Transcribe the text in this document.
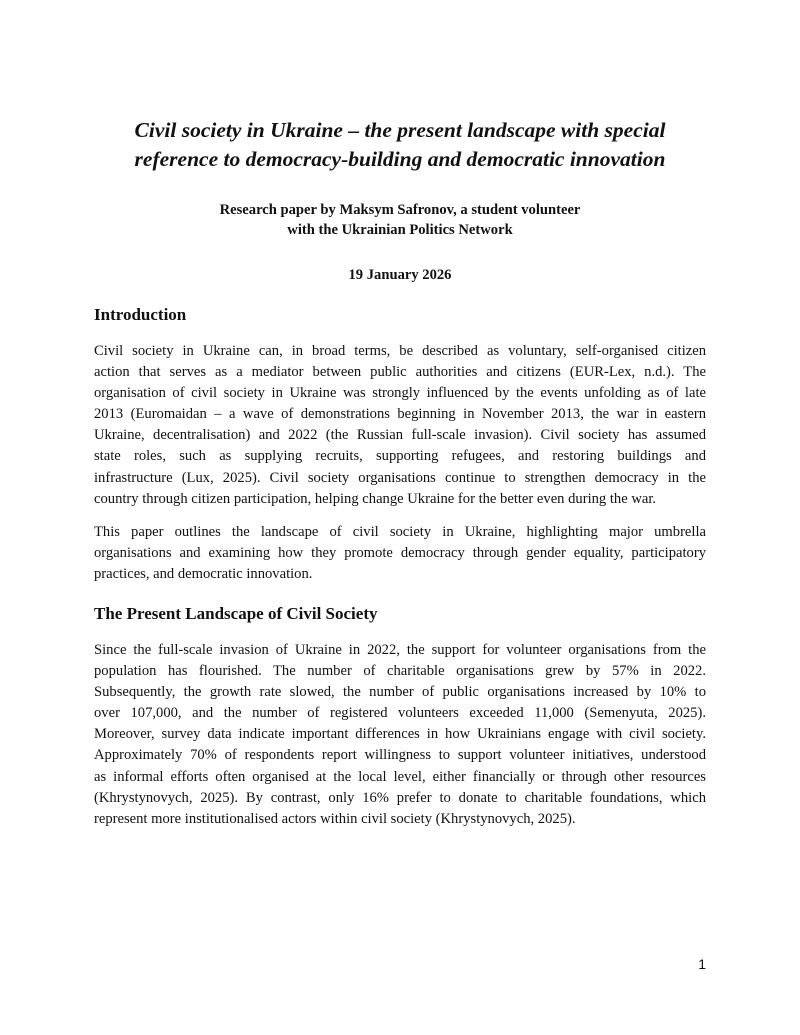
Civil society in Ukraine – the present landscape with special
reference to democracy-building and democratic innovation

Research paper by Maksym Safronov, a student volunteer
with the Ukrainian Politics Network

19 January 2026

Introduction

Civil society in Ukraine can, in broad terms, be described as voluntary, self-organised citizen
action that serves as a mediator between public authorities and citizens (EUR-Lex, n.d.). The
organisation of civil society in Ukraine was strongly influenced by the events unfolding as of late
2013 (Euromaidan – a wave of demonstrations beginning in November 2013, the war in eastern
Ukraine, decentralisation) and 2022 (the Russian full-scale invasion). Civil society has assumed
state roles, such as supplying recruits, supporting refugees, and restoring buildings and
infrastructure (Lux, 2025). Civil society organisations continue to strengthen democracy in the
country through citizen participation, helping change Ukraine for the better even during the war.

This paper outlines the landscape of civil society in Ukraine, highlighting major umbrella
organisations and examining how they promote democracy through gender equality, participatory
practices, and democratic innovation.

The Present Landscape of Civil Society

Since the full-scale invasion of Ukraine in 2022, the support for volunteer organisations from the
population has flourished. The number of charitable organisations grew by 57% in 2022.
Subsequently, the growth rate slowed, the number of public organisations increased by 10% to
over 107,000, and the number of registered volunteers exceeded 11,000 (Semenyuta, 2025).
Moreover, survey data indicate important differences in how Ukrainians engage with civil society.
Approximately 70% of respondents report willingness to support volunteer initiatives, understood
as informal efforts often organised at the local level, either financially or through other resources
(Khrystynovych, 2025). By contrast, only 16% prefer to donate to charitable foundations, which
represent more institutionalised actors within civil society (Khrystynovych, 2025).

1
